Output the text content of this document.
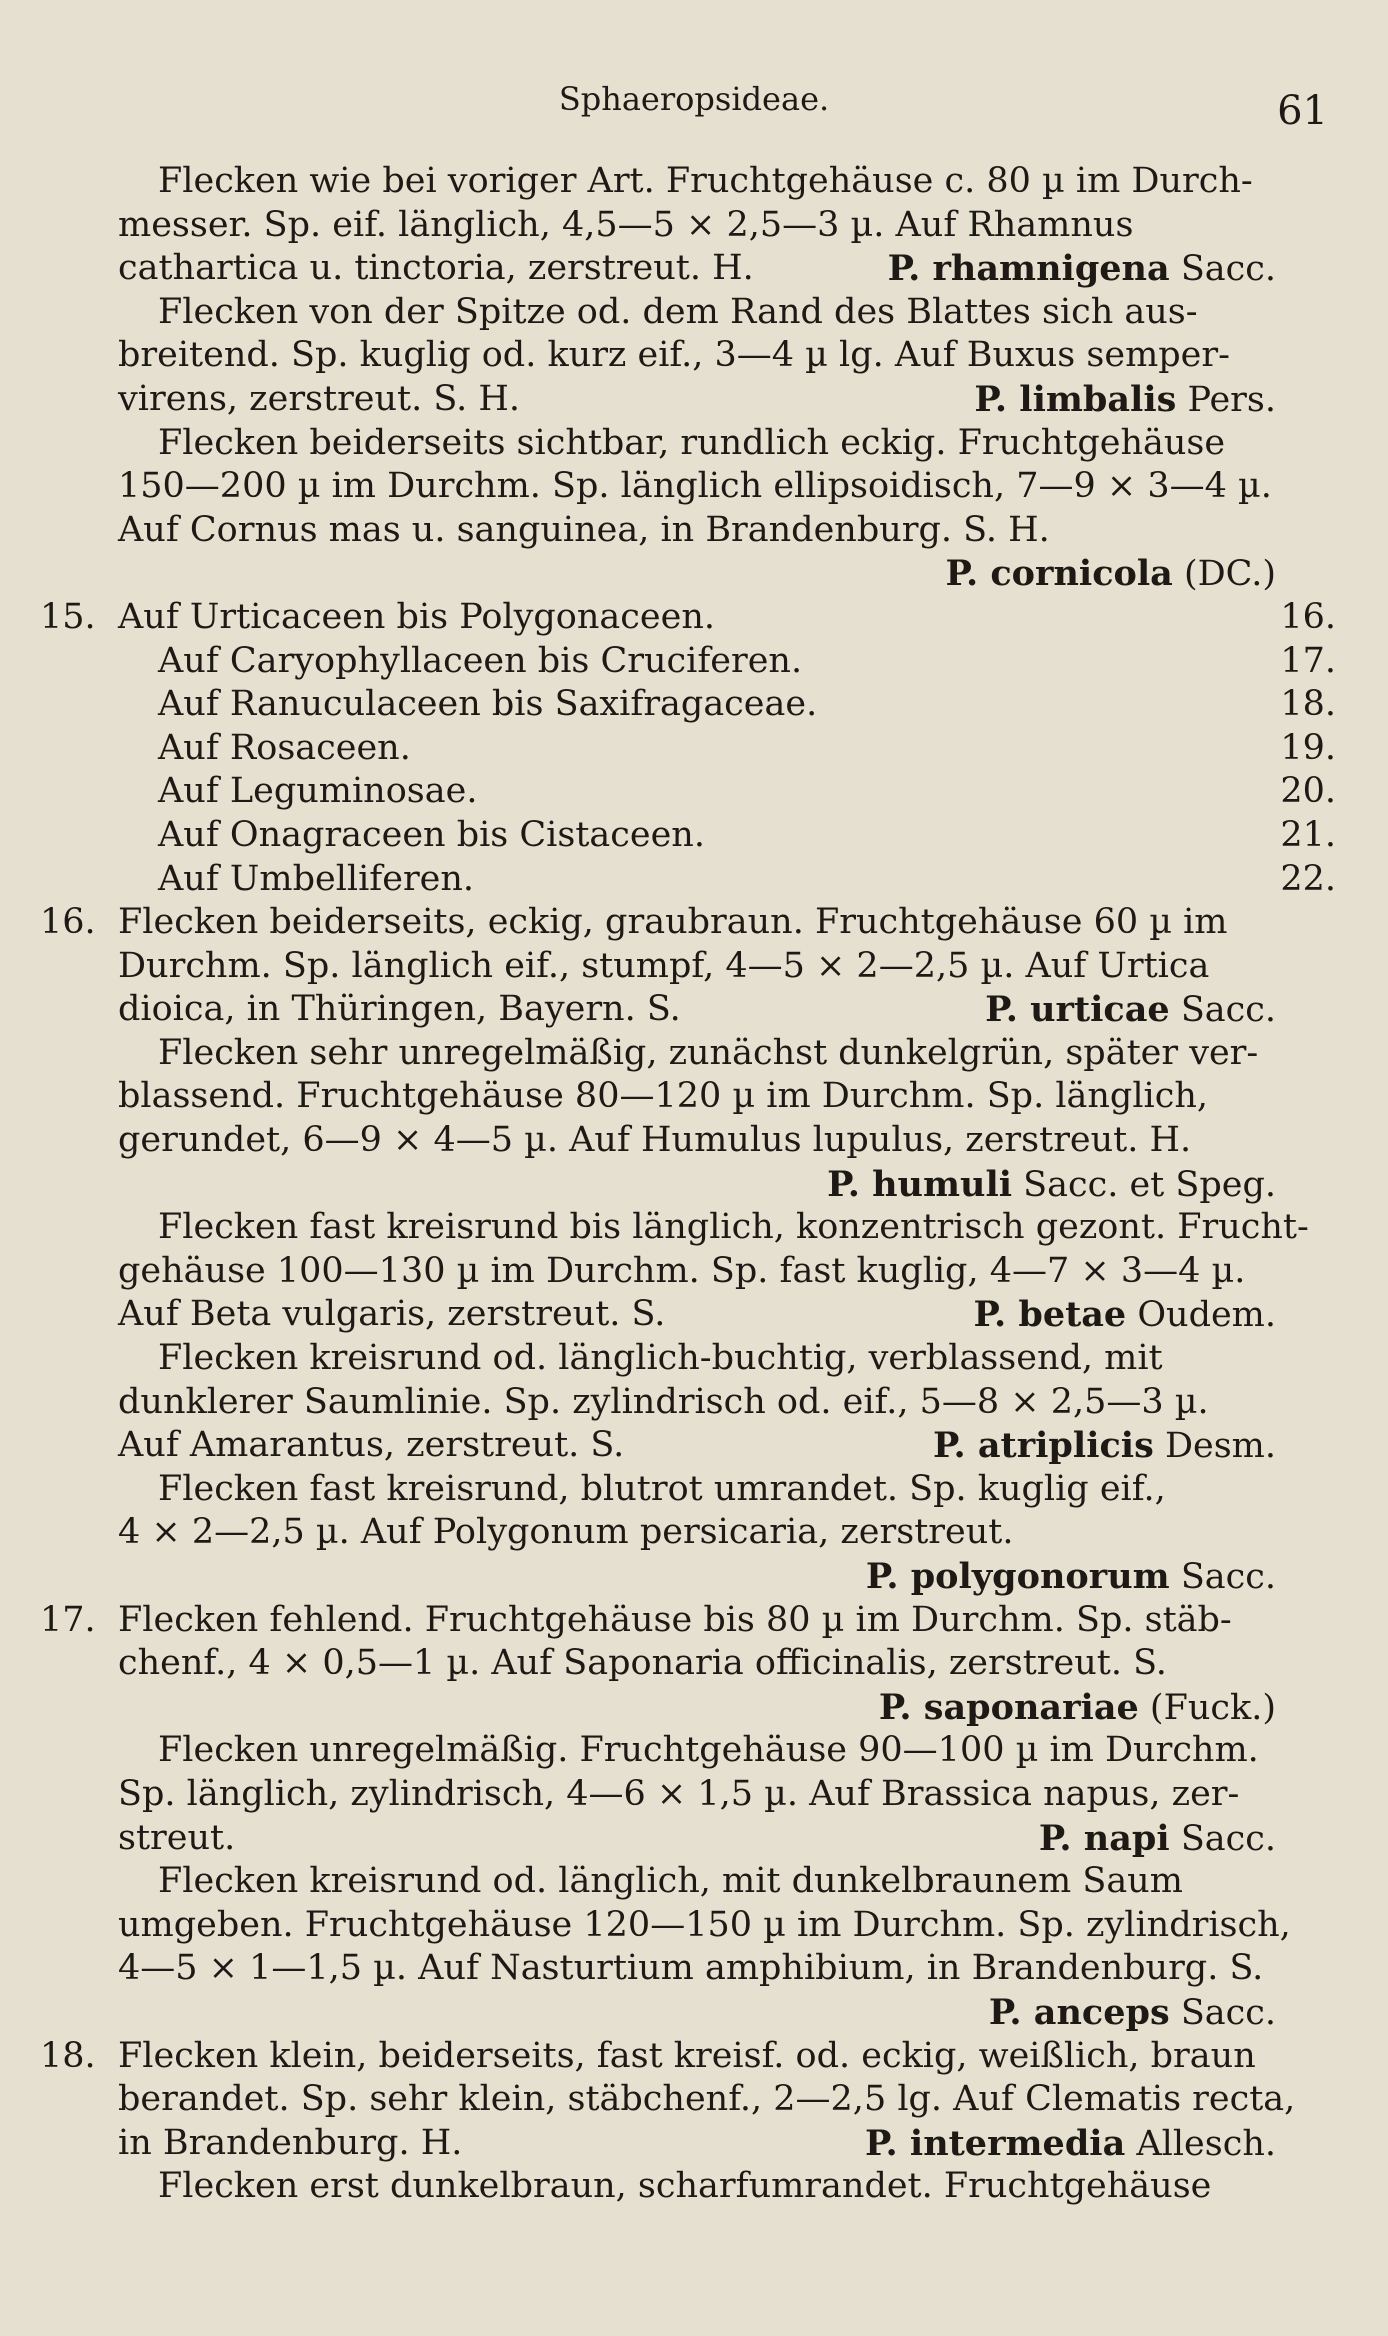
Sphaeropsideae.	61
Flecken wie bei voriger Art. Fruchtgehäuse c. 80 µ im Durch-
messer. Sp. eif. länglich, 4,5—5 × 2,5—3 µ. Auf Rhamnus
cathartica u. tinctoria, zerstreut. H.	P. rhamnigena Sacc.
Flecken von der Spitze od. dem Rand des Blattes sich aus-
breitend. Sp. kuglig od. kurz eif., 3—4 µ lg. Auf Buxus semper-
virens, zerstreut. S. H.	P. limbalis Pers.
Flecken beiderseits sichtbar, rundlich eckig. Fruchtgehäuse
150—200 µ im Durchm. Sp. länglich ellipsoidisch, 7—9 × 3—4 µ.
Auf Cornus mas u. sanguinea, in Brandenburg. S. H.
P. cornicola (DC.)
15. Auf Urticaceen bis Polygonaceen.	16.
Auf Caryophyllaceen bis Cruciferen.	17.
Auf Ranuculaceen bis Saxifragaceae.	18.
Auf Rosaceen.	19.
Auf Leguminosae.	20.
Auf Onagraceen bis Cistaceen.	21.
Auf Umbelliferen.	22.
16. Flecken beiderseits, eckig, graubraun. Fruchtgehäuse 60 µ im
Durchm. Sp. länglich eif., stumpf, 4—5 × 2—2,5 µ. Auf Urtica
dioica, in Thüringen, Bayern. S.	P. urticae Sacc.
Flecken sehr unregelmäßig, zunächst dunkelgrün, später ver-
blassend. Fruchtgehäuse 80—120 µ im Durchm. Sp. länglich,
gerundet, 6—9 × 4—5 µ. Auf Humulus lupulus, zerstreut. H.
P. humuli Sacc. et Speg.
Flecken fast kreisrund bis länglich, konzentrisch gezont. Frucht-
gehäuse 100—130 µ im Durchm. Sp. fast kuglig, 4—7 × 3—4 µ.
Auf Beta vulgaris, zerstreut. S.	P. betae Oudem.
Flecken kreisrund od. länglich-buchtig, verblassend, mit
dunklerer Saumlinie. Sp. zylindrisch od. eif., 5—8 × 2,5—3 µ.
Auf Amarantus, zerstreut. S.	P. atriplicis Desm.
Flecken fast kreisrund, blutrot umrandet. Sp. kuglig eif.,
4 × 2—2,5 µ. Auf Polygonum persicaria, zerstreut.
P. polygonorum Sacc.
17. Flecken fehlend. Fruchtgehäuse bis 80 µ im Durchm. Sp. stäb-
chenf., 4 × 0,5—1 µ. Auf Saponaria officinalis, zerstreut. S.
P. saponariae (Fuck.)
Flecken unregelmäßig. Fruchtgehäuse 90—100 µ im Durchm.
Sp. länglich, zylindrisch, 4—6 × 1,5 µ. Auf Brassica napus, zer-
streut.	P. napi Sacc.
Flecken kreisrund od. länglich, mit dunkelbraunem Saum
umgeben. Fruchtgehäuse 120—150 µ im Durchm. Sp. zylindrisch,
4—5 × 1—1,5 µ. Auf Nasturtium amphibium, in Brandenburg. S.
P. anceps Sacc.
18. Flecken klein, beiderseits, fast kreisf. od. eckig, weißlich, braun
berandet. Sp. sehr klein, stäbchenf., 2—2,5 lg. Auf Clematis recta,
in Brandenburg. H.	P. intermedia Allesch.
Flecken erst dunkelbraun, scharfumrandet. Fruchtgehäuse
